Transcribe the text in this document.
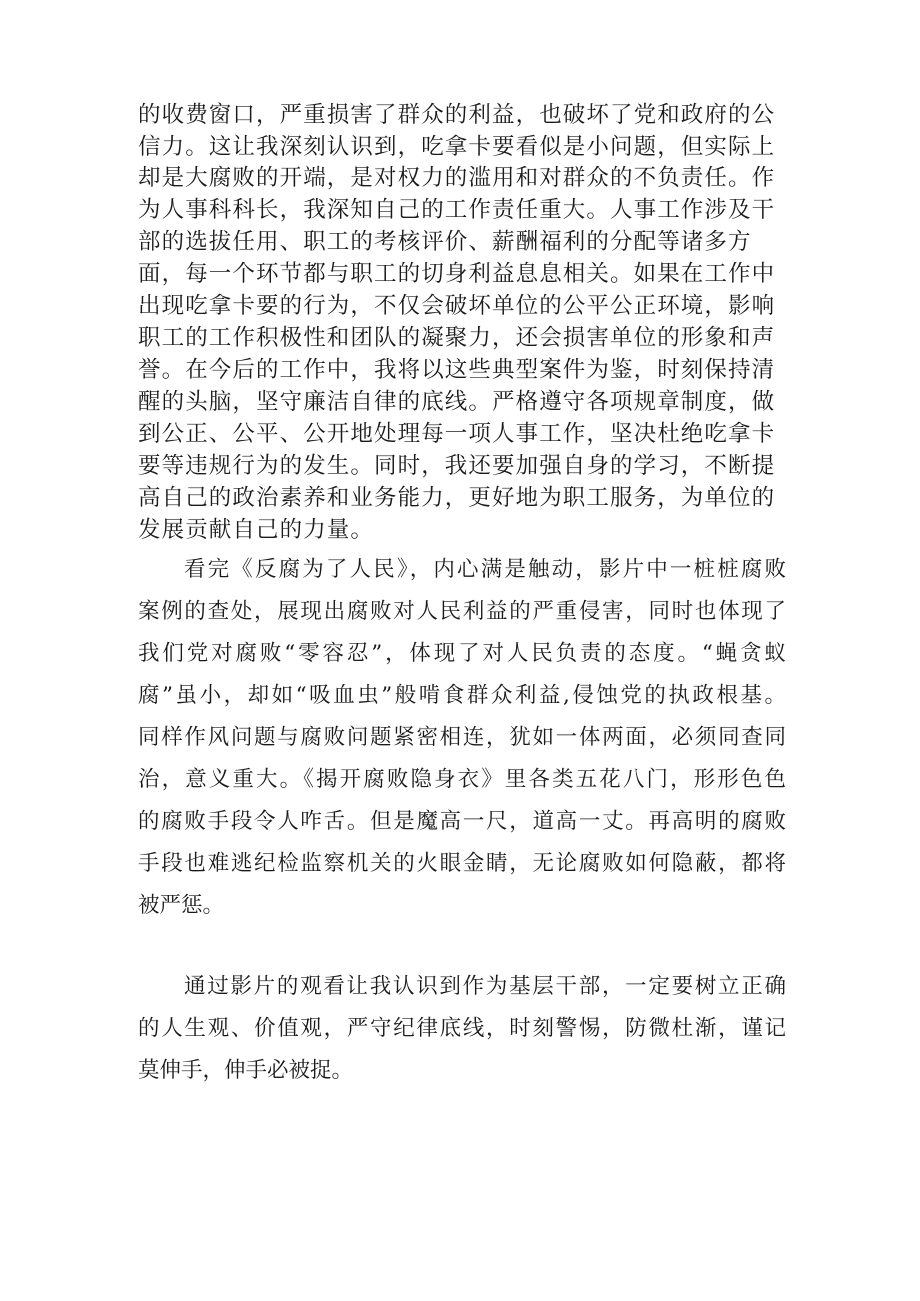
的收费窗口，严重损害了群众的利益，也破坏了党和政府的公

信力。这让我深刻认识到，吃拿卡要看似是小问题，但实际上

却是大腐败的开端，是对权力的滥用和对群众的不负责任。作

为人事科科长，我深知自己的工作责任重大。人事工作涉及干

部的选拔任用、职工的考核评价、薪酬福利的分配等诸多方

面，每一个环节都与职工的切身利益息息相关。如果在工作中

出现吃拿卡要的行为，不仅会破坏单位的公平公正环境，影响

职工的工作积极性和团队的凝聚力，还会损害单位的形象和声

誉。在今后的工作中，我将以这些典型案件为鉴，时刻保持清

醒的头脑，坚守廉洁自律的底线。严格遵守各项规章制度，做

到公正、公平、公开地处理每一项人事工作，坚决杜绝吃拿卡

要等违规行为的发生。同时，我还要加强自身的学习，不断提

高自己的政治素养和业务能力，更好地为职工服务，为单位的

发展贡献自己的力量。

看完《反腐为了人民》，内心满是触动，影片中一桩桩腐败

案例的查处，展现出腐败对人民利益的严重侵害，同时也体现了

我们党对腐败“零容忍”，体现了对人民负责的态度。“蝇贪蚁

腐”虽小，却如“吸血虫”般啃食群众利益,侵蚀党的执政根基。

同样作风问题与腐败问题紧密相连，犹如一体两面，必须同查同

治，意义重大。《揭开腐败隐身衣》里各类五花八门，形形色色

的腐败手段令人咋舌。但是魔高一尺，道高一丈。再高明的腐败

手段也难逃纪检监察机关的火眼金睛，无论腐败如何隐蔽，都将

被严惩。

通过影片的观看让我认识到作为基层干部，一定要树立正确

的人生观、价值观，严守纪律底线，时刻警惕，防微杜渐，谨记

莫伸手，伸手必被捉。
